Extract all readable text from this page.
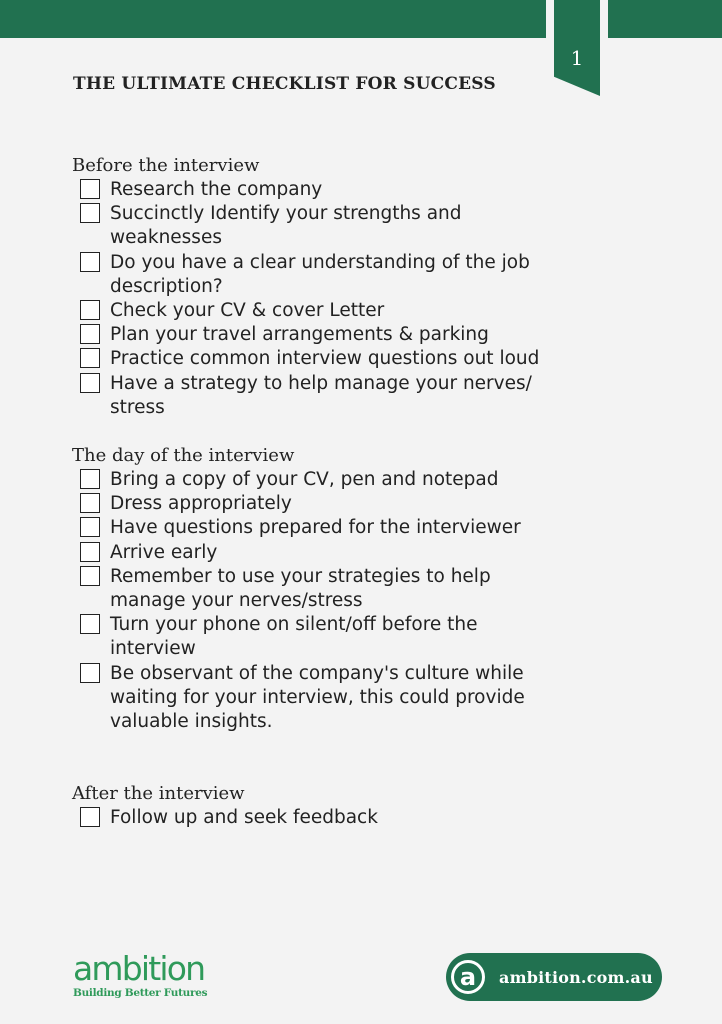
1
THE ULTIMATE CHECKLIST FOR SUCCESS
Before the interview
Research the company
Succinctly Identify your strengths and weaknesses
Do you have a clear understanding of the job description?
Check your CV & cover Letter
Plan your travel arrangements & parking
Practice common interview questions out loud
Have a strategy to help manage your nerves/ stress
The day of the interview
Bring a copy of your CV, pen and notepad
Dress appropriately
Have questions prepared for the interviewer
Arrive early
Remember to use your strategies to help manage your nerves/stress
Turn your phone on silent/off before the interview
Be observant of the company's culture while waiting for your interview, this could provide valuable insights.
After the interview
Follow up and seek feedback
ambition
Building Better Futures
a	ambition.com.au
